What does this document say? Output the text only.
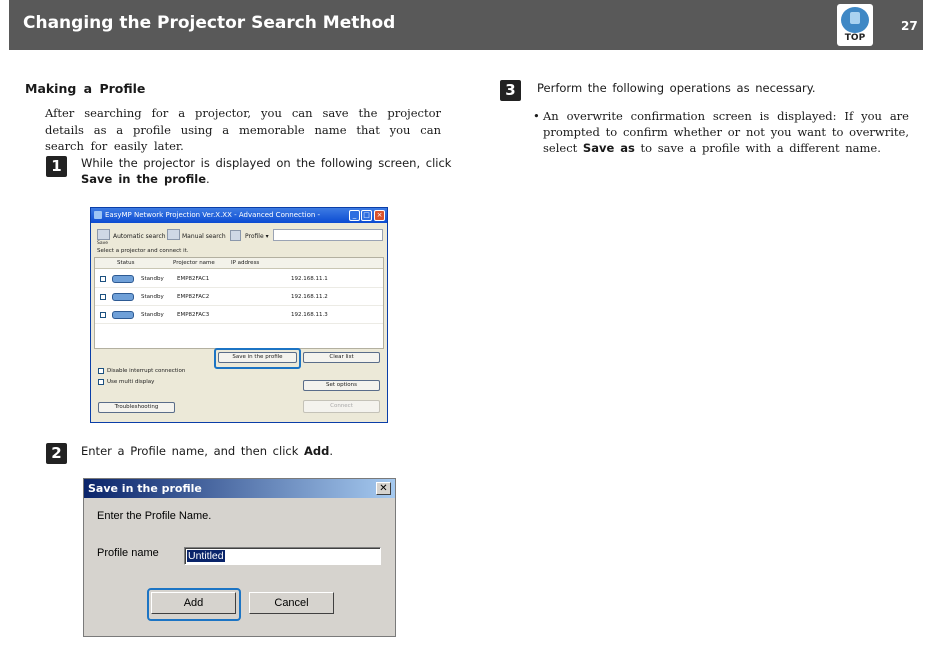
Changing the Projector Search Method
TOP
27
Making a Profile
After searching for a projector, you can save the projector details as a profile using a memorable name that you can search for easily later.
1	While the projector is displayed on the following screen, click Save in the profile.
EasyMP Network Projection Ver.X.XX - Advanced Connection -	_ □ ×
Save
Automatic search	Manual search	Profile ▾
Select a projector and connect it.
Status	Projector name	IP address
Standby EMP82FAC1	192.168.11.1
Standby EMP82FAC2	192.168.11.2
Standby EMP82FAC3	192.168.11.3
Save in the profile	Clear list
Disable interrupt connection
Use multi display	Set options
Troubleshooting	Connect
2	Enter a Profile name, and then click Add.
Save in the profile	✕
Enter the Profile Name.
Profile name	Untitled
Add	Cancel
3	Perform the following operations as necessary.
• An overwrite confirmation screen is displayed: If you are prompted to confirm whether or not you want to overwrite, select Save as to save a profile with a different name.
